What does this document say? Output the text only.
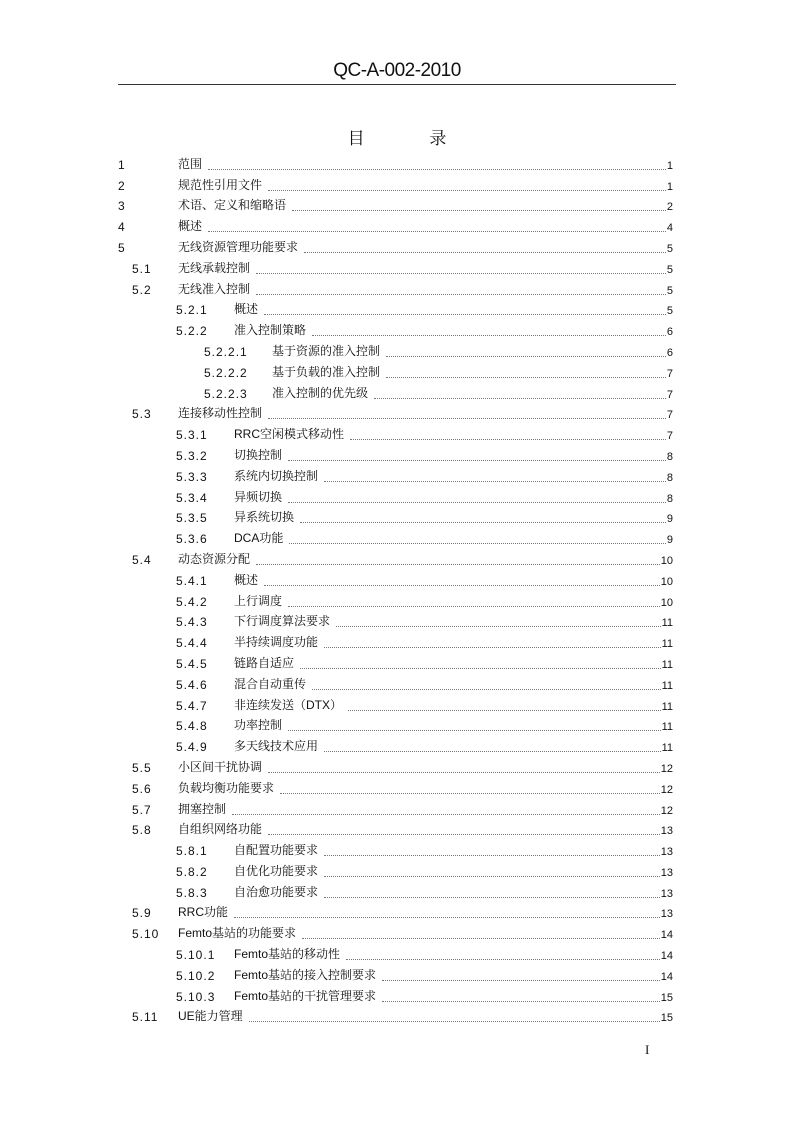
QC-A-002-2010
目 录
1	范围	1
2	规范性引用文件	1
3	术语、定义和缩略语	2
4	概述	4
5	无线资源管理功能要求	5
5.1 无线承载控制	5
5.2 无线准入控制	5
5.2.1 概述	5
5.2.2 准入控制策略	6
5.2.2.1 基于资源的准入控制	6
5.2.2.2 基于负载的准入控制	7
5.2.2.3 准入控制的优先级	7
5.3 连接移动性控制	7
5.3.1 RRC空闲模式移动性	7
5.3.2 切换控制	8
5.3.3 系统内切换控制	8
5.3.4 异频切换	8
5.3.5 异系统切换	9
5.3.6 DCA功能	9
5.4 动态资源分配	10
5.4.1 概述	10
5.4.2 上行调度	10
5.4.3 下行调度算法要求	11
5.4.4 半持续调度功能	11
5.4.5 链路自适应	11
5.4.6 混合自动重传	11
5.4.7 非连续发送（DTX）	11
5.4.8 功率控制	11
5.4.9 多天线技术应用	11
5.5 小区间干扰协调	12
5.6 负载均衡功能要求	12
5.7 拥塞控制	12
5.8 自组织网络功能	13
5.8.1 自配置功能要求	13
5.8.2 自优化功能要求	13
5.8.3 自治愈功能要求	13
5.9 RRC功能	13
5.10 Femto基站的功能要求	14
5.10.1 Femto基站的移动性	14
5.10.2 Femto基站的接入控制要求	14
5.10.3 Femto基站的干扰管理要求	15
5.11 UE能力管理	15
I
